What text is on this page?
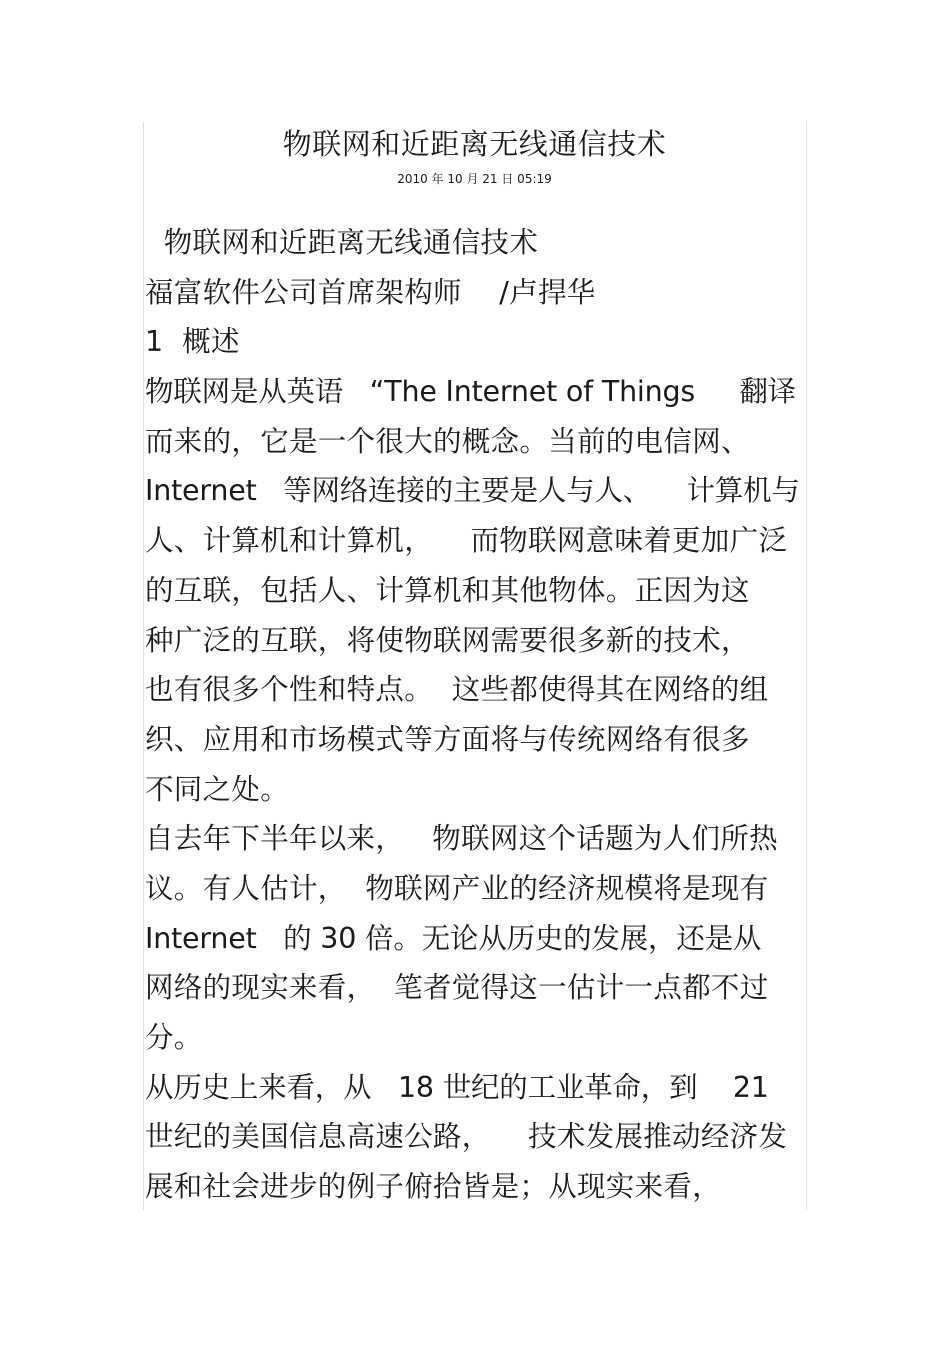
物联网和近距离无线通信技术

2010 年 10 月 21 日 05:19

物联网和近距离无线通信技术
福富软件公司首席架构师    /卢捍华
1  概述
物联网是从英语   “The Internet of Things     翻译
而来的，它是一个很大的概念。当前的电信网、
Internet   等网络连接的主要是人与人、    计算机与
人、计算机和计算机，    而物联网意味着更加广泛
的互联，包括人、计算机和其他物体。正因为这
种广泛的互联，将使物联网需要很多新的技术，
也有很多个性和特点。  这些都使得其在网络的组
织、应用和市场模式等方面将与传统网络有很多
不同之处。
自去年下半年以来，   物联网这个话题为人们所热
议。有人估计，  物联网产业的经济规模将是现有
Internet   的 30 倍。无论从历史的发展，还是从
网络的现实来看，  笔者觉得这一估计一点都不过
分。
从历史上来看，从   18 世纪的工业革命，到    21
世纪的美国信息高速公路，    技术发展推动经济发
展和社会进步的例子俯拾皆是；从现实来看，
